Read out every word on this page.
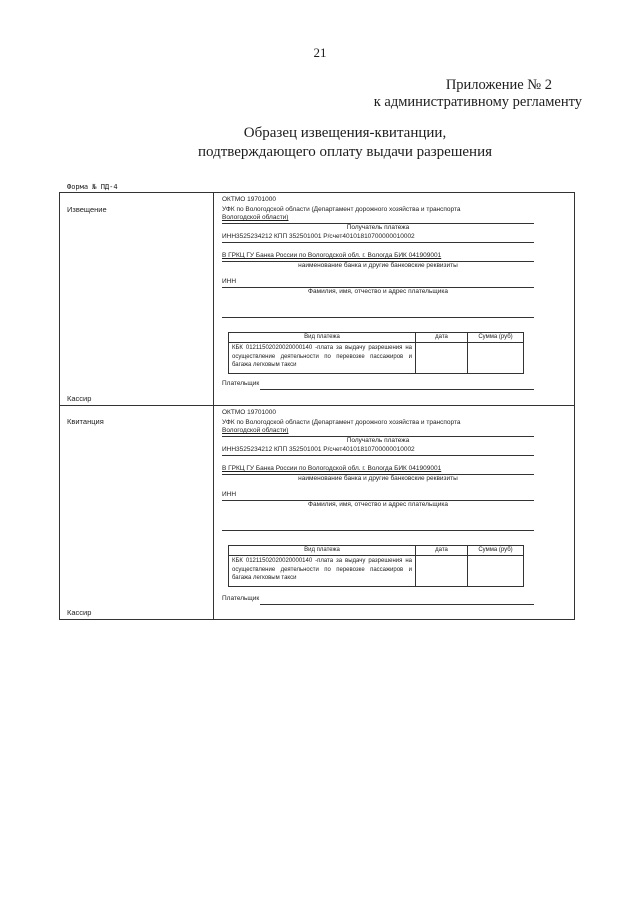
21
Приложение № 2
к административному регламенту
Образец извещения-квитанции,
подтверждающего оплату выдачи разрешения
Форма № ПД-4
Извещение
Кассир
Квитанция
Кассир
ОКТМО 19701000
УФК по Вологодской области (Департамент дорожного хозяйства и транспорта
Вологодской области)
Получатель платежа
ИНН3525234212 КПП 352501001 Р/счет40101810700000010002
В ГРКЦ ГУ Банка России по Вологодской обл. г. Вологда БИК 041909001
наименование банка и другие банковские реквизиты
ИНН
Фамилия, имя, отчество и адрес плательщика
Вид платежа	дата	Сумма (руб)
КБК 01211502020020000140 -плата за выдачу разрешения на осуществление деятельности по перевозке пассажиров и багажа легковым такси		
Плательщик
ОКТМО 19701000
УФК по Вологодской области (Департамент дорожного хозяйства и транспорта
Вологодской области)
Получатель платежа
ИНН3525234212 КПП 352501001 Р/счет40101810700000010002
В ГРКЦ ГУ Банка России по Вологодской обл. г. Вологда БИК 041909001
наименование банка и другие банковские реквизиты
ИНН
Фамилия, имя, отчество и адрес плательщика
Вид платежа	дата	Сумма (руб)
КБК 01211502020020000140 -плата за выдачу разрешения на осуществление деятельности по перевозке пассажиров и багажа легковым такси		
Плательщик
